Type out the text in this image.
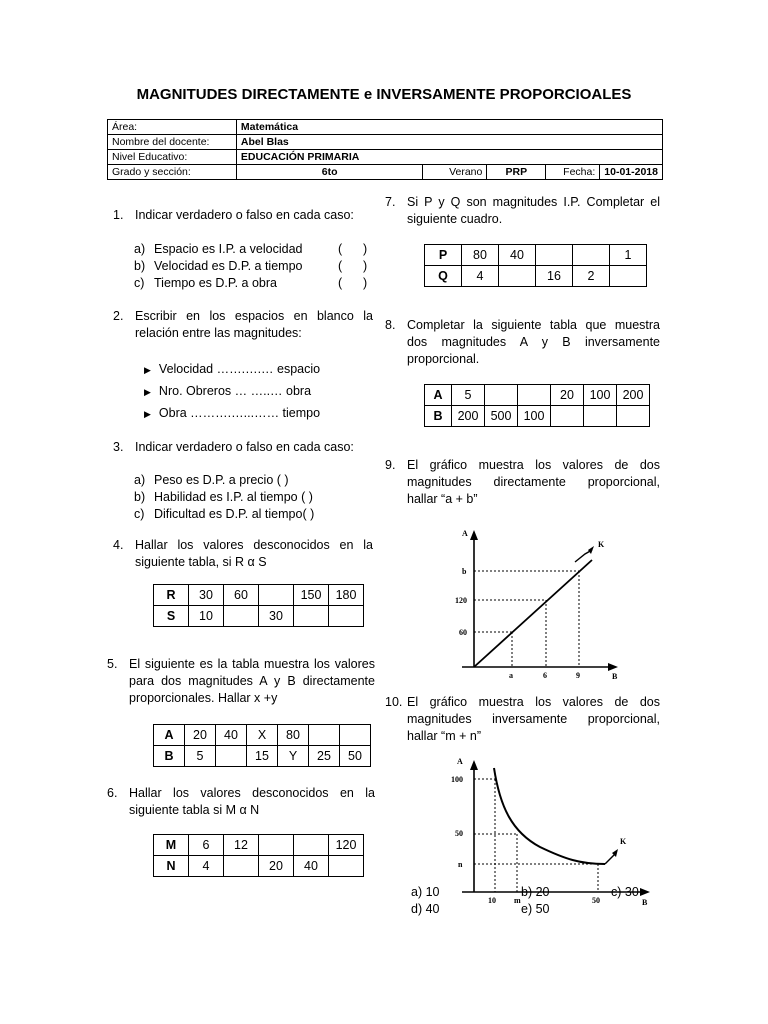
MAGNITUDES DIRECTAMENTE e INVERSAMENTE PROPORCIOALES
Área:	Matemática				
Nombre del docente:	Abel Blas				
Nivel Educativo:	EDUCACIÓN PRIMARIA				
Grado y sección:	6to	Verano	PRP	Fecha:	10-01-2018
1. Indicar verdadero o falso en cada caso:
a) Espacio es I.P. a velocidad	(      )
b) Velocidad es D.P. a tiempo	(      )
c) Tiempo es D.P. a obra	(      )
2. Escribir en los espacios en blanco la
relación entre las magnitudes:
▶ Velocidad …….….… espacio
▶ Nro. Obreros … …..… obra
▶ Obra ……….…...…… tiempo
3. Indicar verdadero o falso en cada caso:
a) Peso es D.P. a precio ( )
b) Habilidad es I.P. al tiempo ( )
c) Dificultad es D.P. al tiempo( )
4. Hallar los valores desconocidos en la
siguiente tabla, si R α S
R	30	60		150	180
S	10		30		
5. El siguiente es la tabla muestra los valores
para dos magnitudes A y B directamente
proporcionales. Hallar x +y
A	20	40	X	80		
B	5		15	Y	25	50
6. Hallar los valores desconocidos en la
siguiente tabla si M α N
M	6	12			120
N	4		20	40	
7. Si P y Q son magnitudes I.P. Completar el
siguiente cuadro.
P	80	40			1
Q	4		16	2	
8. Completar la siguiente tabla que muestra
dos magnitudes A y B inversamente
proporcional.
A	5			20	100	200
B	200	500	100			
9. El gráfico muestra los valores de dos
magnitudes directamente proporcional,
hallar “a + b”
A
B
K
b
120
60
a	6	9
10. El gráfico muestra los valores de dos
magnitudes inversamente proporcional,
hallar “m + n”
A
B
K
100
50
n
10 m	50
a) 10	b) 20	c) 30
d) 40	e) 50
